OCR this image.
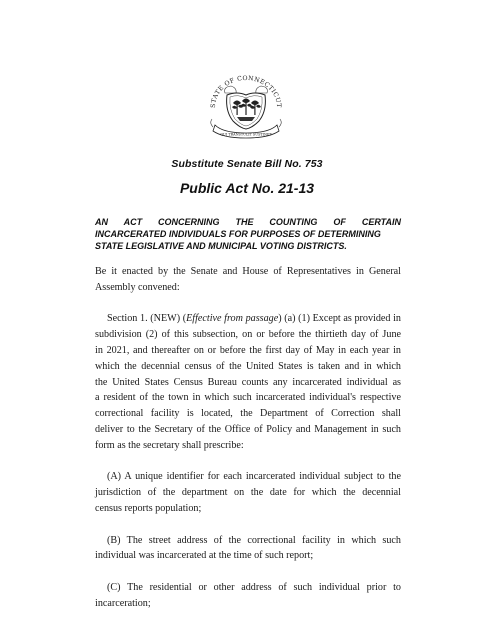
STATE OF CONNECTICUT
QUI TRANSTULIT SUSTINET
Substitute Senate Bill No. 753
Public Act No. 21-13
AN ACT CONCERNING THE COUNTING OF CERTAIN
INCARCERATED INDIVIDUALS FOR PURPOSES OF DETERMINING
STATE LEGISLATIVE AND MUNICIPAL VOTING DISTRICTS.
Be it enacted by the Senate and House of Representatives in General
Assembly convened:
Section 1. (NEW) (Effective from passage) (a) (1) Except as provided in
subdivision (2) of this subsection, on or before the thirtieth day of June
in 2021, and thereafter on or before the first day of May in each year in
which the decennial census of the United States is taken and in which
the United States Census Bureau counts any incarcerated individual as
a resident of the town in which such incarcerated individual's respective
correctional facility is located, the Department of Correction shall
deliver to the Secretary of the Office of Policy and Management in such
form as the secretary shall prescribe:
(A) A unique identifier for each incarcerated individual subject to the
jurisdiction of the department on the date for which the decennial
census reports population;
(B) The street address of the correctional facility in which such
individual was incarcerated at the time of such report;
(C) The residential or other address of such individual prior to
incarceration;
